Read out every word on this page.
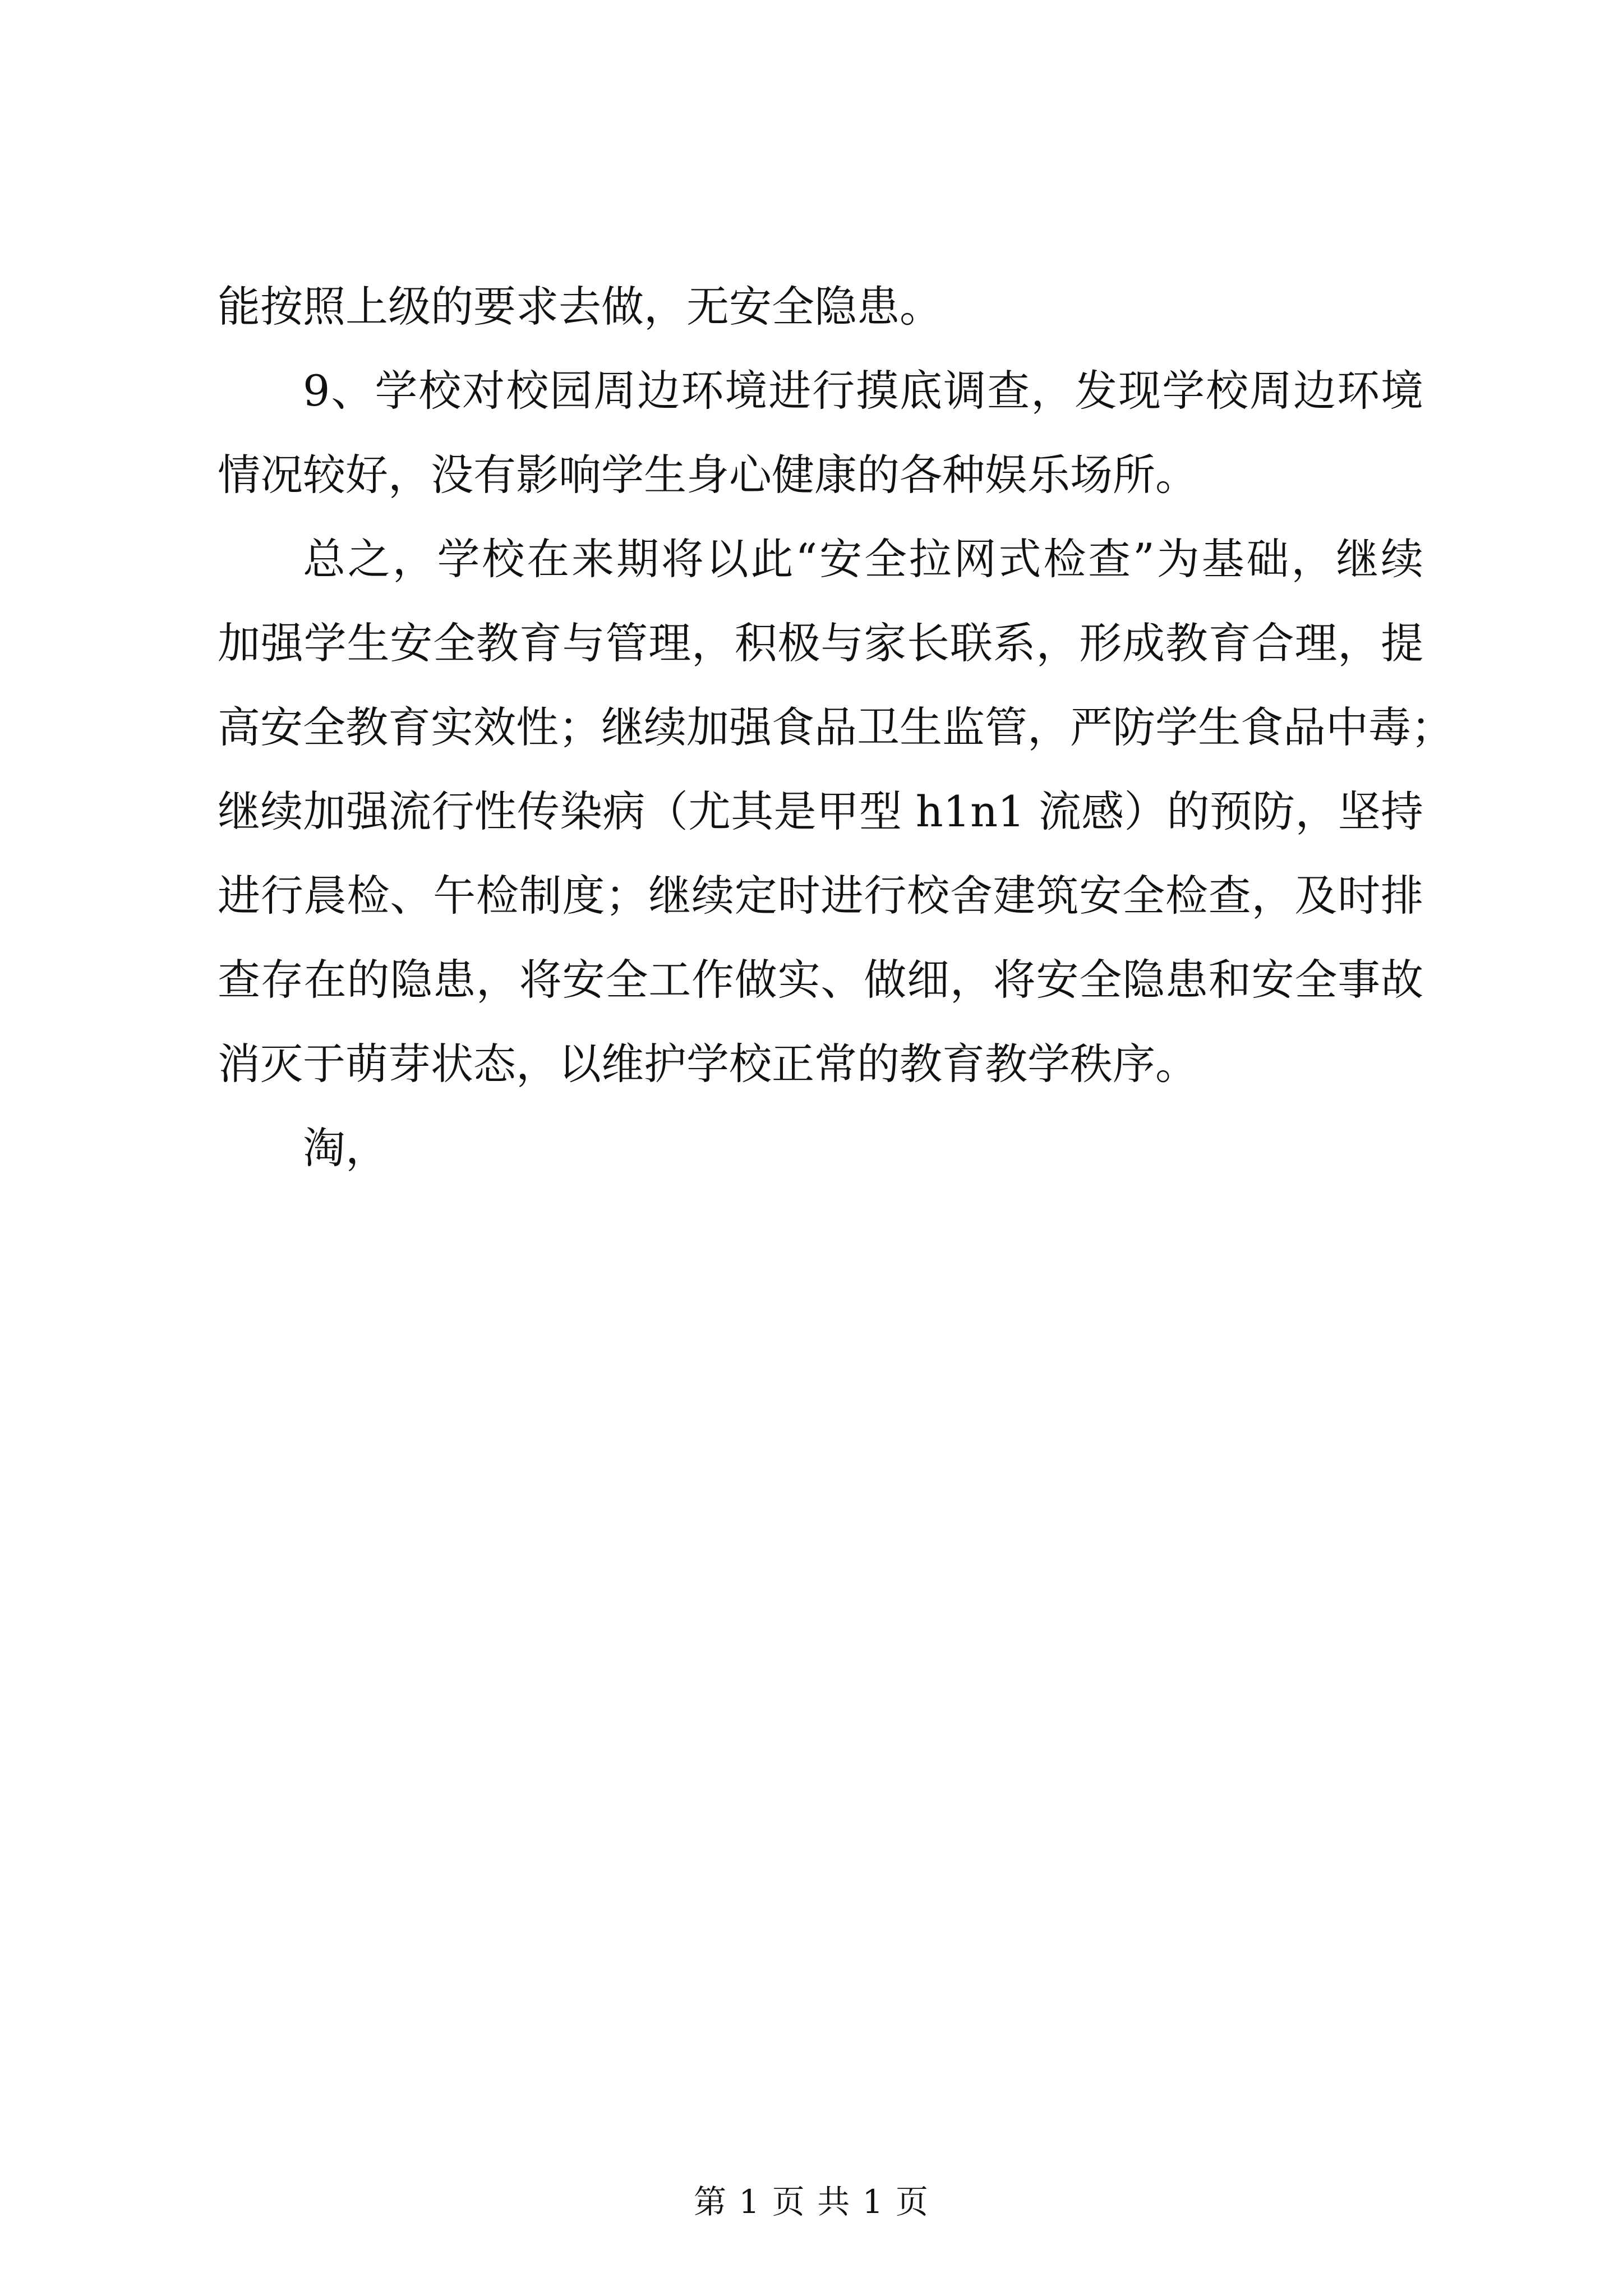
能按照上级的要求去做，无安全隐患。
9、学校对校园周边环境进行摸底调查，发现学校周边环境
情况较好，没有影响学生身心健康的各种娱乐场所。
总之，学校在来期将以此“安全拉网式检查”为基础，继续
加强学生安全教育与管理，积极与家长联系，形成教育合理，提
高安全教育实效性；继续加强食品卫生监管，严防学生食品中毒；
继续加强流行性传染病（尤其是甲型 h1n1 流感）的预防，坚持
进行晨检、午检制度；继续定时进行校舍建筑安全检查，及时排
查存在的隐患，将安全工作做实、做细，将安全隐患和安全事故
消灭于萌芽状态，以维护学校正常的教育教学秩序。
淘，
第 1 页 共 1 页
